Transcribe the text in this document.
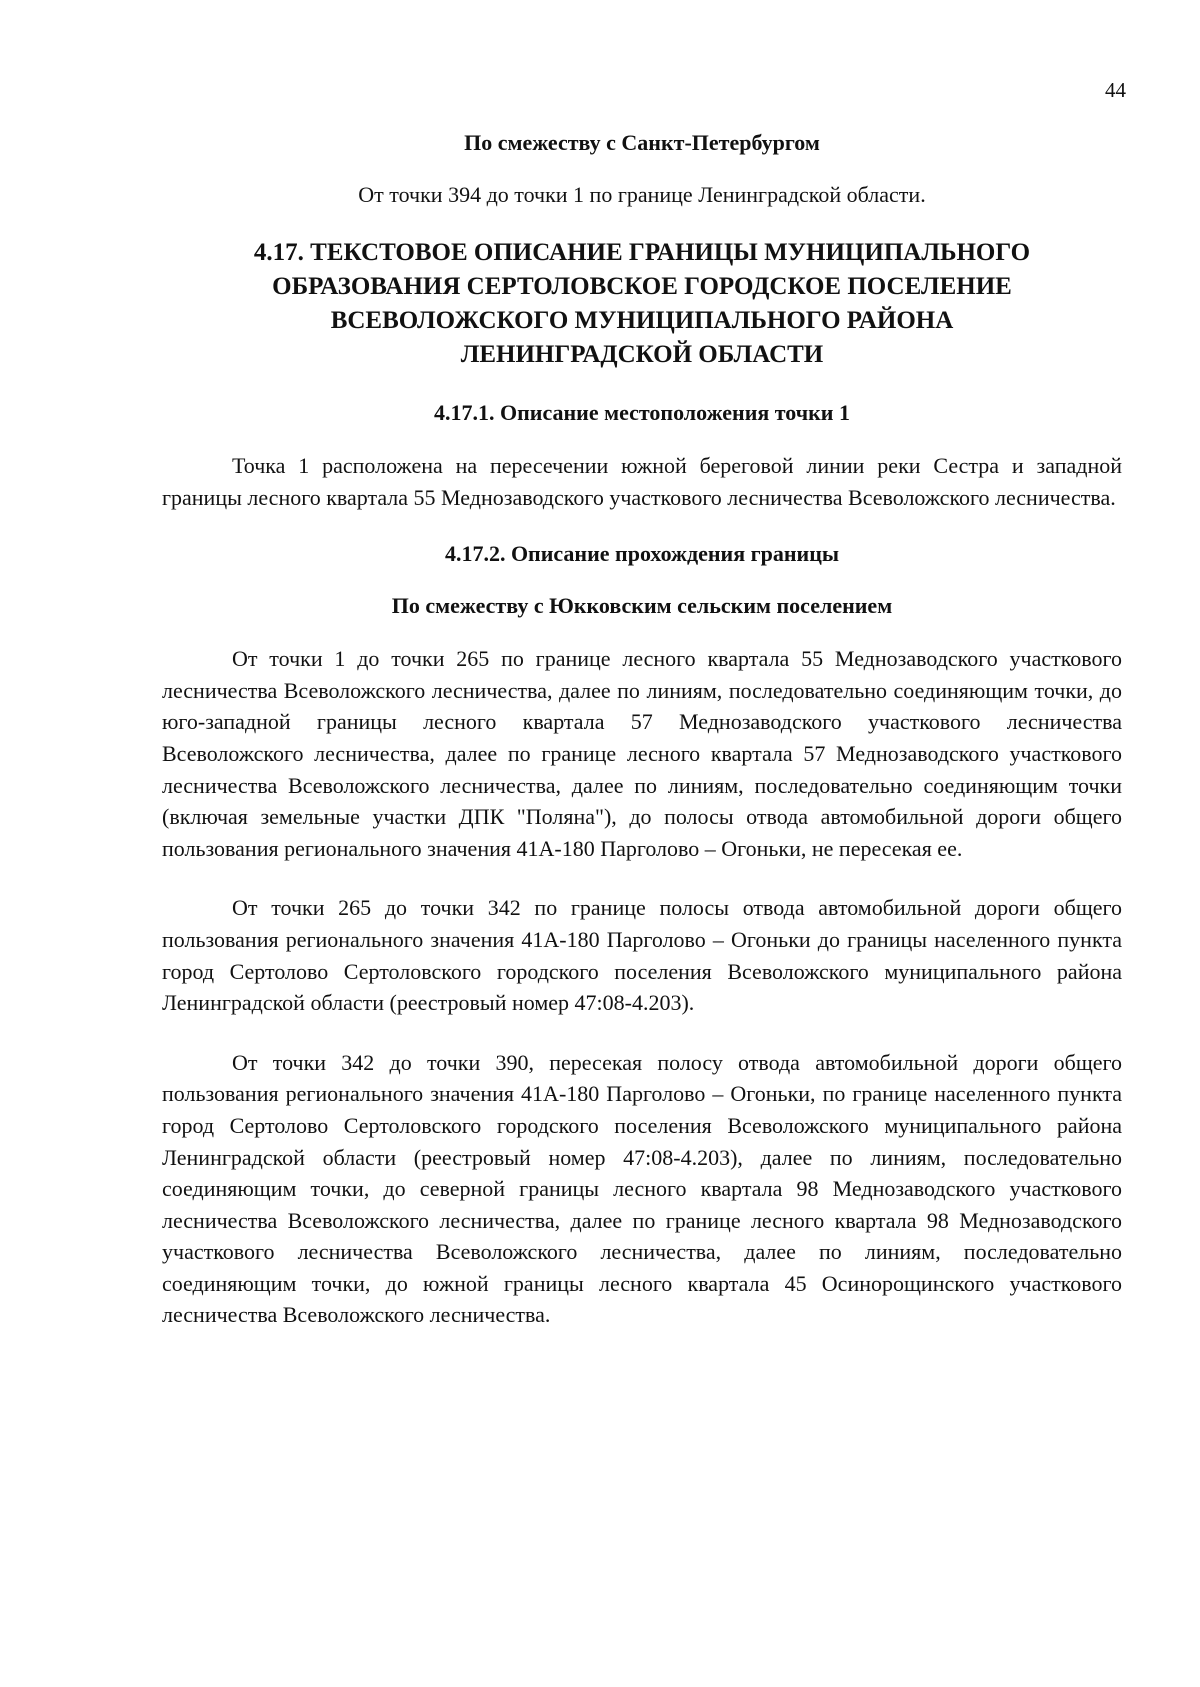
44
По смежеству с Санкт-Петербургом
От точки 394 до точки 1 по границе Ленинградской области.
4.17. ТЕКСТОВОЕ ОПИСАНИЕ ГРАНИЦЫ МУНИЦИПАЛЬНОГО
ОБРАЗОВАНИЯ СЕРТОЛОВСКОЕ ГОРОДСКОЕ ПОСЕЛЕНИЕ
ВСЕВОЛОЖСКОГО МУНИЦИПАЛЬНОГО РАЙОНА
ЛЕНИНГРАДСКОЙ ОБЛАСТИ
4.17.1. Описание местоположения точки 1

Точка 1 расположена на пересечении южной береговой линии реки Сестра и западной границы лесного квартала 55 Меднозаводского участкового лесничества Всеволожского лесничества.

4.17.2. Описание прохождения границы
По смежеству с Юкковским сельским поселением

От точки 1 до точки 265 по границе лесного квартала 55 Меднозаводского участкового лесничества Всеволожского лесничества, далее по линиям, последовательно соединяющим точки, до юго-западной границы лесного квартала 57 Меднозаводского участкового лесничества Всеволожского лесничества, далее по границе лесного квартала 57 Меднозаводского участкового лесничества Всеволожского лесничества, далее по линиям, последовательно соединяющим точки (включая земельные участки ДПК "Поляна"), до полосы отвода автомобильной дороги общего пользования регионального значения 41А-180 Парголово – Огоньки, не пересекая ее.

От точки 265 до точки 342 по границе полосы отвода автомобильной дороги общего пользования регионального значения 41А-180 Парголово – Огоньки до границы населенного пункта город Сертолово Сертоловского городского поселения Всеволожского муниципального района Ленинградской области (реестровый номер 47:08-4.203).

От точки 342 до точки 390, пересекая полосу отвода автомобильной дороги общего пользования регионального значения 41А-180 Парголово – Огоньки, по границе населенного пункта город Сертолово Сертоловского городского поселения Всеволожского муниципального района Ленинградской области (реестровый номер 47:08-4.203), далее по линиям, последовательно соединяющим точки, до северной границы лесного квартала 98 Меднозаводского участкового лесничества Всеволожского лесничества, далее по границе лесного квартала 98 Меднозаводского участкового лесничества Всеволожского лесничества, далее по линиям, последовательно соединяющим точки, до южной границы лесного квартала 45 Осинорощинского участкового лесничества Всеволожского лесничества.
